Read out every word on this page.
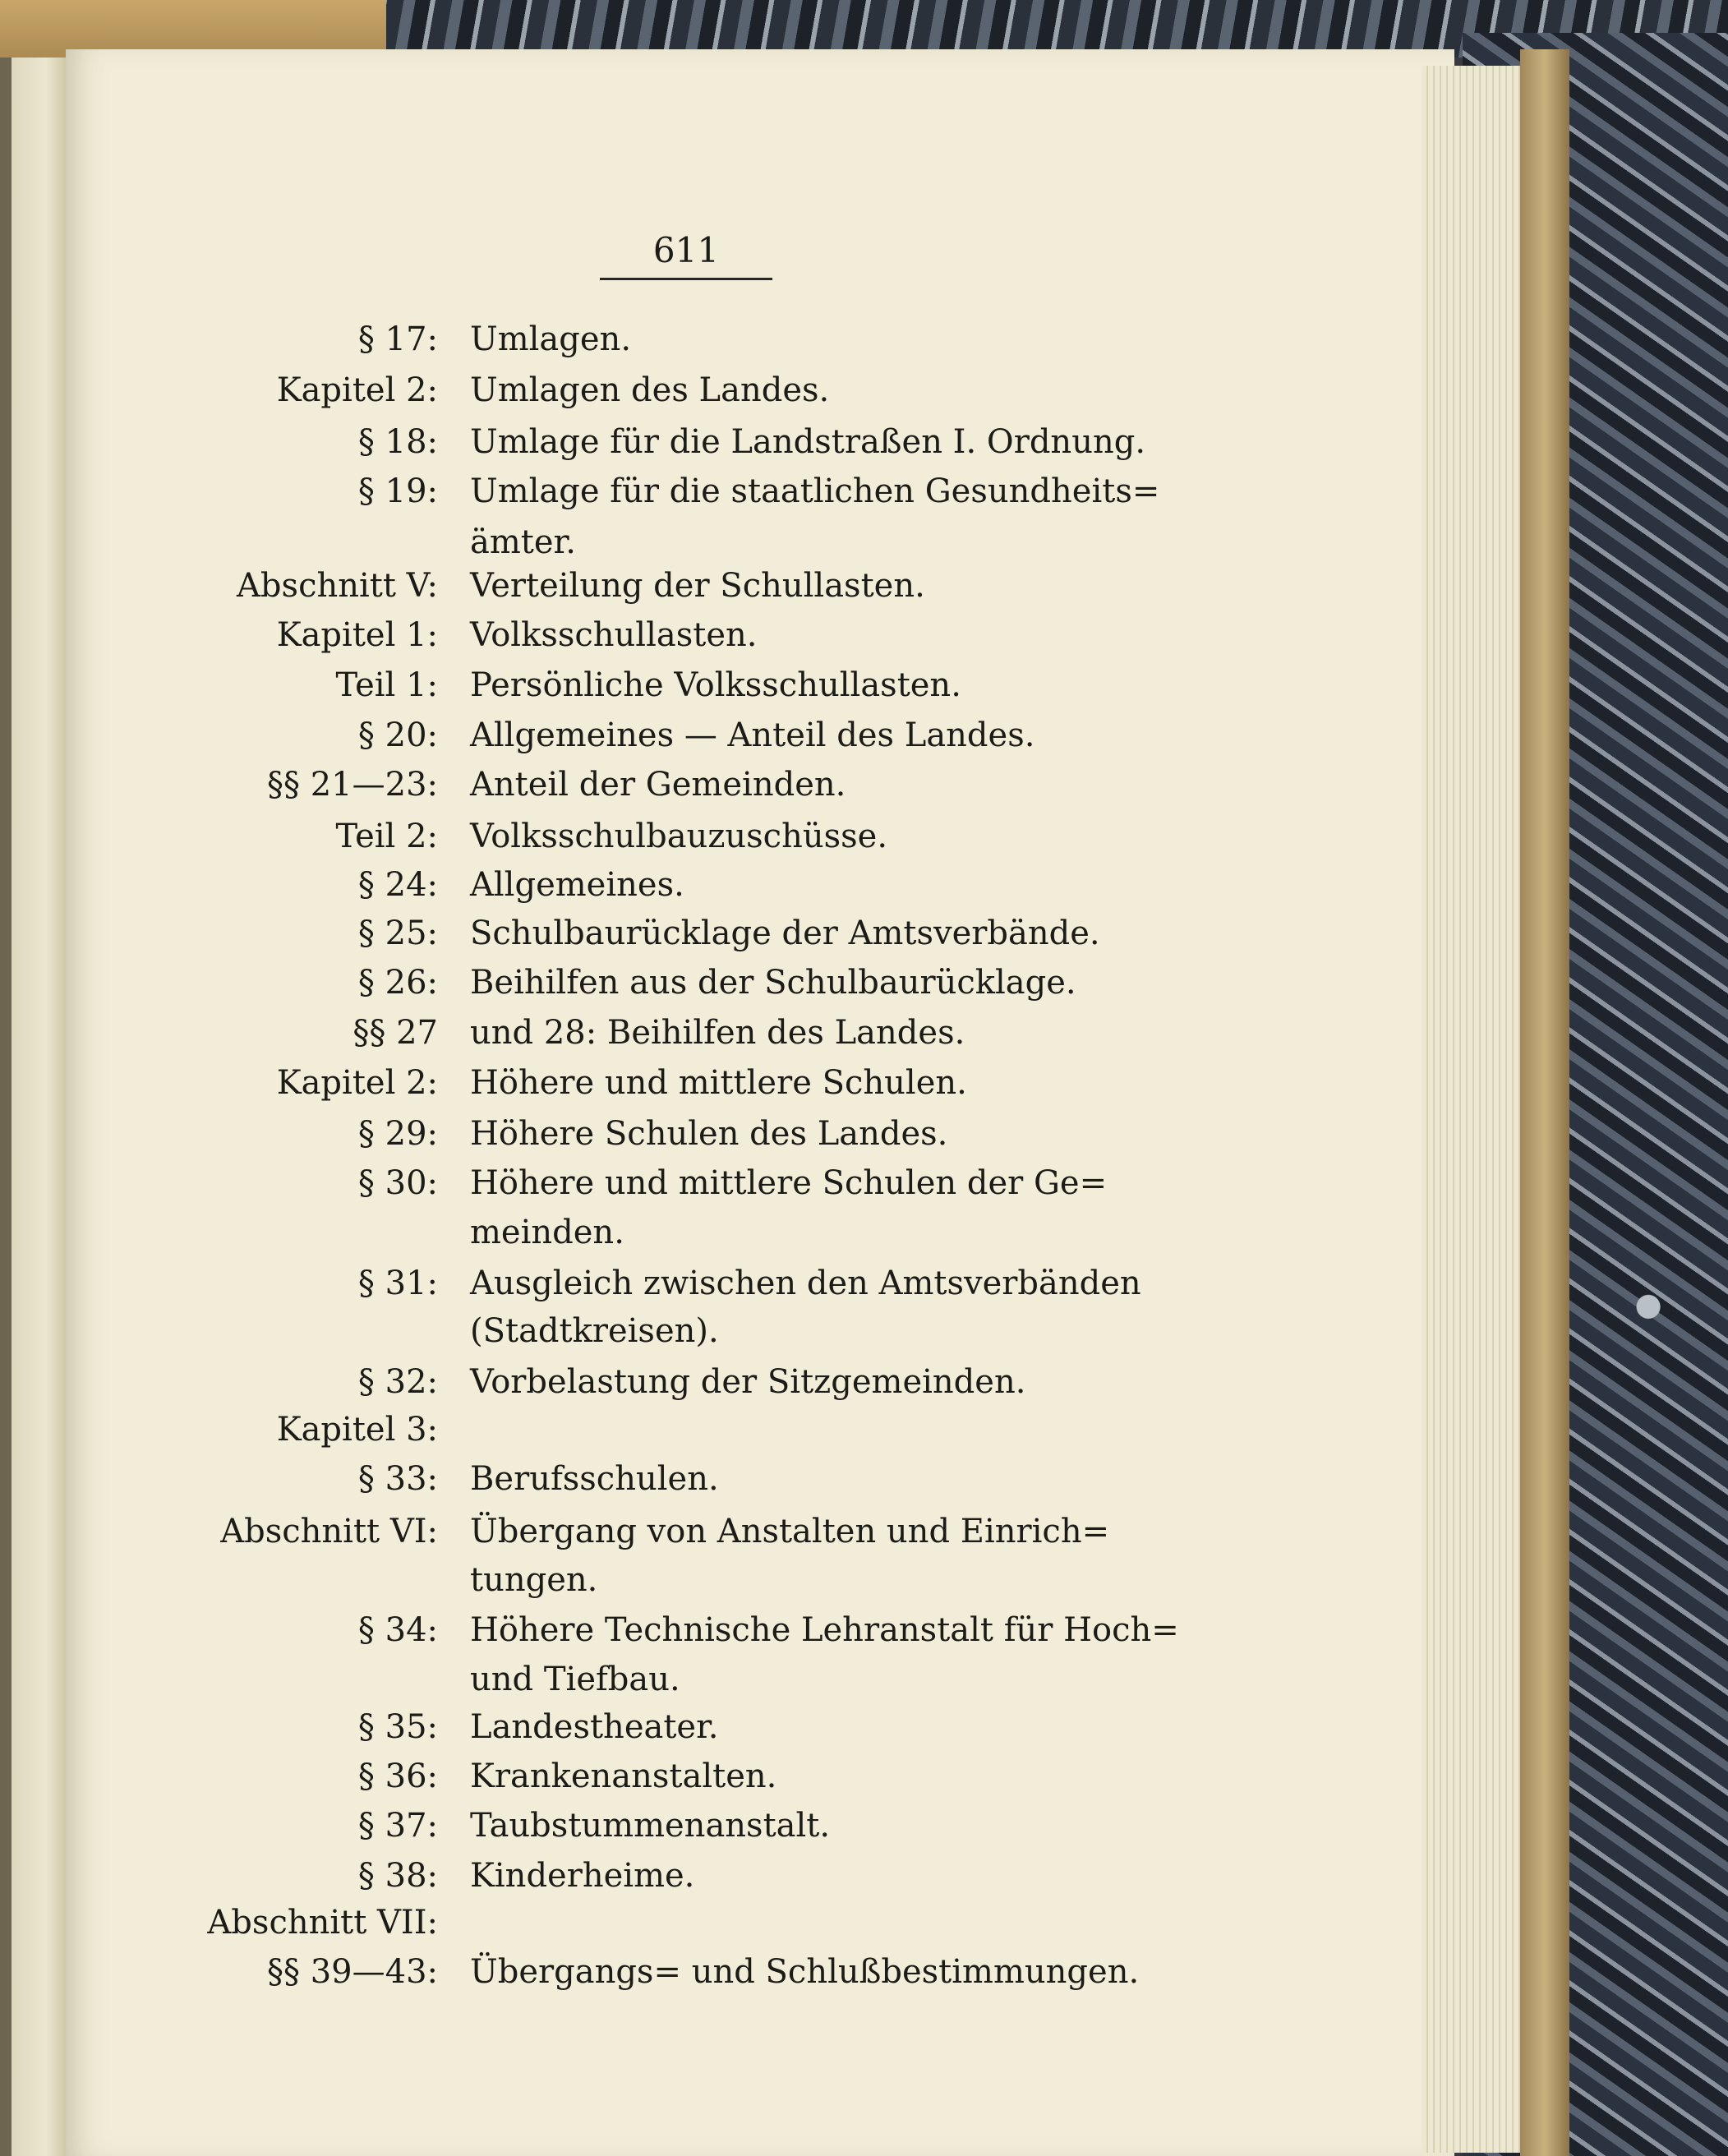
611
§ 17: Umlagen.
Kapitel 2: Umlagen des Landes.
§ 18: Umlage für die Landstraßen I. Ordnung.
§ 19: Umlage für die staatlichen Gesundheits=
ämter.
Abschnitt V: Verteilung der Schullasten.
Kapitel 1: Volksschullasten.
Teil 1: Persönliche Volksschullasten.
§ 20: Allgemeines — Anteil des Landes.
§§ 21—23: Anteil der Gemeinden.
Teil 2: Volksschulbauzuschüsse.
§ 24: Allgemeines.
§ 25: Schulbaurücklage der Amtsverbände.
§ 26: Beihilfen aus der Schulbaurücklage.
§§ 27 und 28: Beihilfen des Landes.
Kapitel 2: Höhere und mittlere Schulen.
§ 29: Höhere Schulen des Landes.
§ 30: Höhere und mittlere Schulen der Ge=
meinden.
§ 31: Ausgleich zwischen den Amtsverbänden
(Stadtkreisen).
§ 32: Vorbelastung der Sitzgemeinden.
Kapitel 3:
§ 33: Berufsschulen.
Abschnitt VI: Übergang von Anstalten und Einrich=
tungen.
§ 34: Höhere Technische Lehranstalt für Hoch=
und Tiefbau.
§ 35: Landestheater.
§ 36: Krankenanstalten.
§ 37: Taubstummenanstalt.
§ 38: Kinderheime.
Abschnitt VII:
§§ 39—43: Übergangs= und Schlußbestimmungen.
